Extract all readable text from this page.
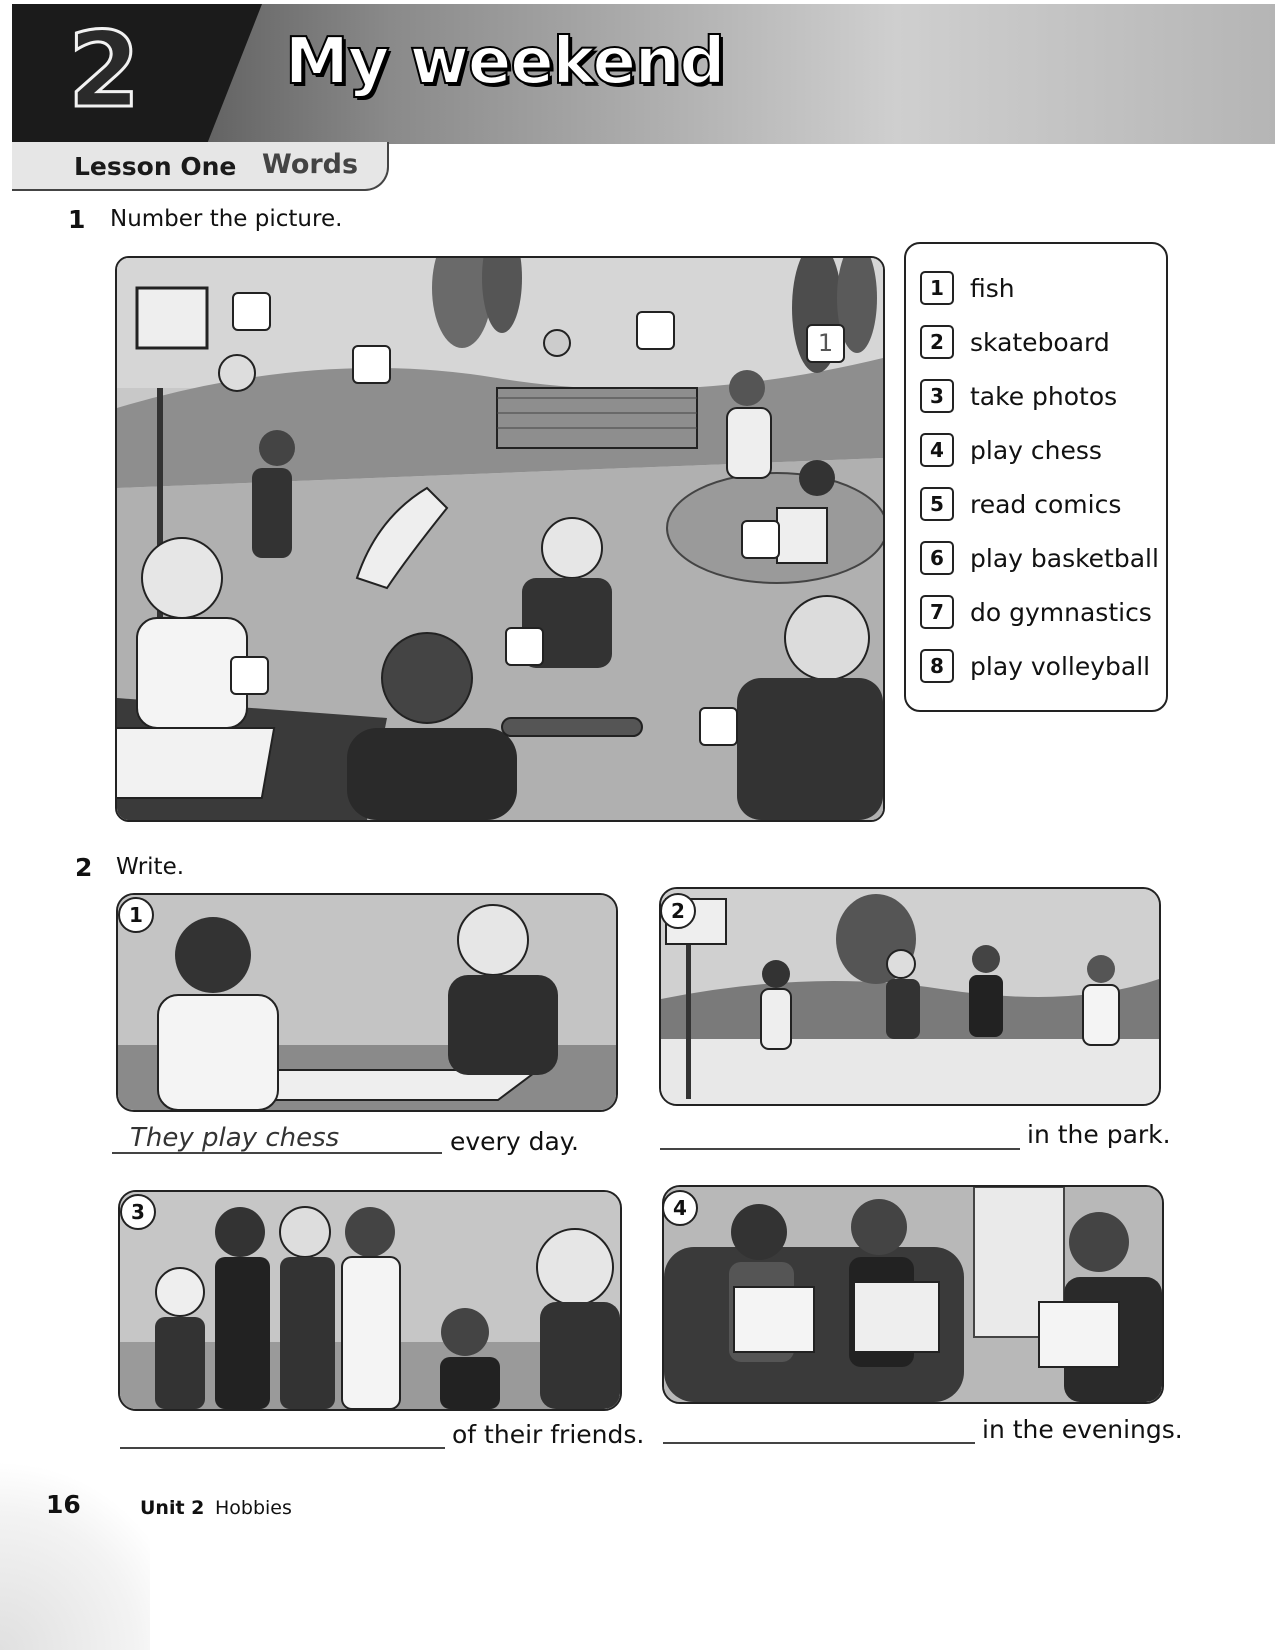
2 My weekend
Lesson One Words
1 Number the picture.
1
1	fish
2	skateboard
3	take photos
4	play chess
5	read comics
6	play basketball
7	do gymnastics
8	play volleyball
2 Write.
1
They play chess	every day.
2
in the park.
3
of their friends.
4
in the evenings.
16	Unit 2 Hobbies
